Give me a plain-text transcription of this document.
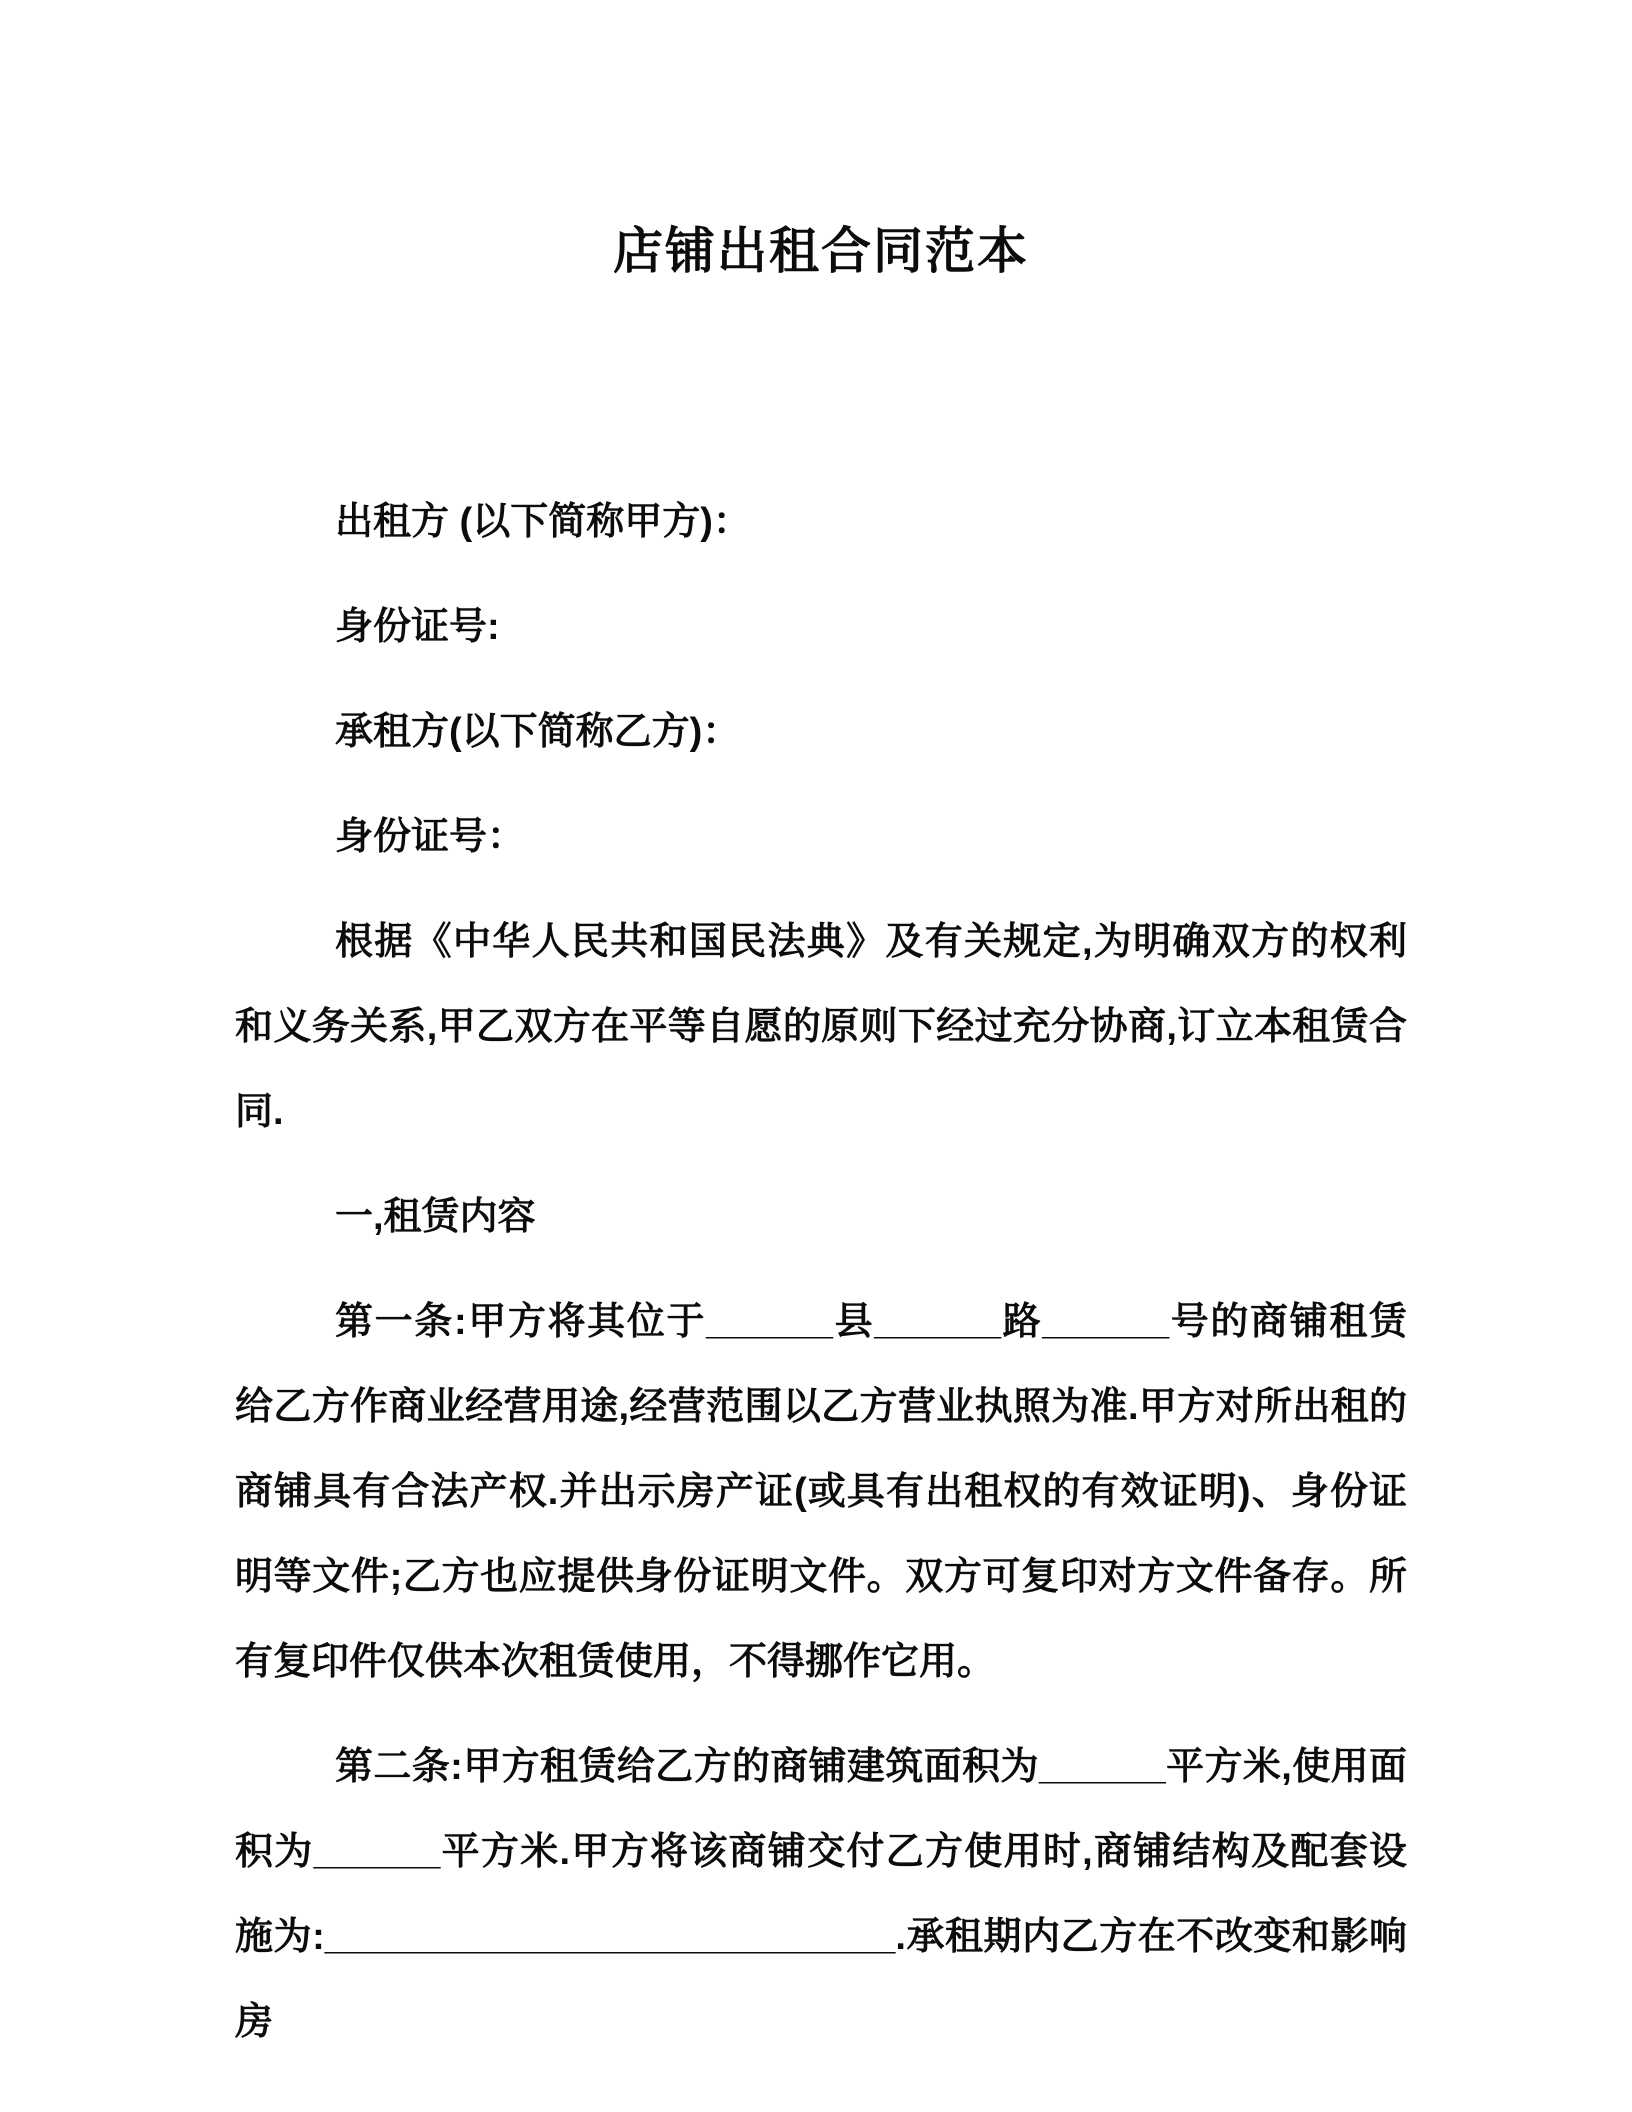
店铺出租合同范本

出租方 (以下简称甲方)：

身份证号:

承租方(以下简称乙方)：

身份证号：

根据《中华人民共和国民法典》及有关规定,为明确双方的权利和义务关系,甲乙双方在平等自愿的原则下经过充分协商,订立本租赁合同.

一,租赁内容

第一条:甲方将其位于______县______路______号的商铺租赁给乙方作商业经营用途,经营范围以乙方营业执照为准.甲方对所出租的商铺具有合法产权.并出示房产证(或具有出租权的有效证明)、身份证明等文件;乙方也应提供身份证明文件。双方可复印对方文件备存。所有复印件仅供本次租赁使用，不得挪作它用。

第二条:甲方租赁给乙方的商铺建筑面积为______平方米,使用面积为______平方米.甲方将该商铺交付乙方使用时,商铺结构及配套设施为:___________________________.承租期内乙方在不改变和影响房
